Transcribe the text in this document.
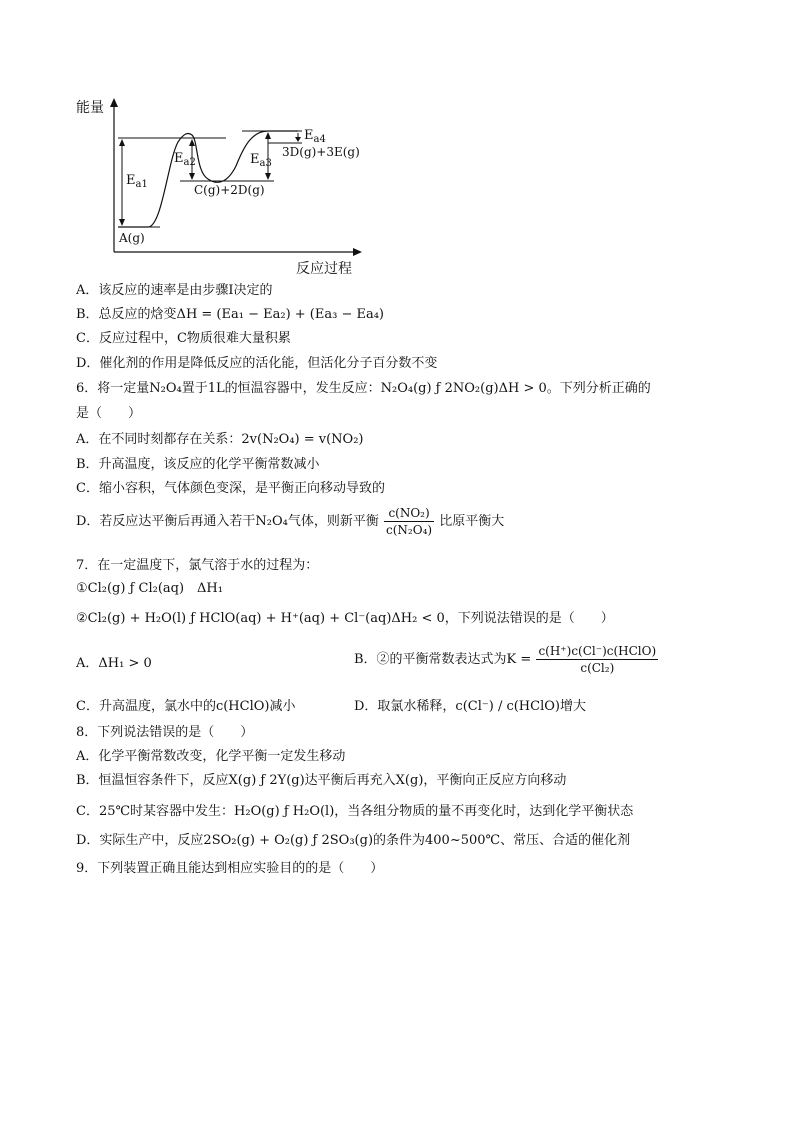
能量
反应过程
$E_{a1}$
$E_{a2}$	$E_{a3}$
$E_{a4}$
A(g)
C(g)+2D(g)
3D(g)+3E(g)
A．该反应的速率是由步骤Ⅰ决定的
B．总反应的焓变ΔH = (Ea₁ − Ea₂) + (Ea₃ − Ea₄)
C．反应过程中，C物质很难大量积累
D．催化剂的作用是降低反应的活化能，但活化分子百分数不变
6．将一定量N₂O₄置于1L的恒温容器中，发生反应：N₂O₄(g) ƒ 2NO₂(g)ΔH > 0。下列分析正确的
是（　　）
A．在不同时刻都存在关系：2v(N₂O₄) = v(NO₂)
B．升高温度，该反应的化学平衡常数减小
C．缩小容积，气体颜色变深，是平衡正向移动导致的
D．若反应达平衡后再通入若干N₂O₄气体，则新平衡 $\frac{\text{c(NO₂)}}{\text{c(N₂O₄)}}$ 比原平衡大
7．在一定温度下，氯气溶于水的过程为：
①Cl₂(g) ƒ Cl₂(aq)　ΔH₁
②Cl₂(g) + H₂O(l) ƒ HClO(aq) + H⁺(aq) + Cl⁻(aq)ΔH₂ < 0，下列说法错误的是（　　）
A．ΔH₁ > 0	B．②的平衡常数表达式为$K = \frac{\text{c(H⁺)c(Cl⁻)c(HClO)}}{\text{c(Cl₂)}}$
C．升高温度，氯水中的c(HClO)减小	D．取氯水稀释，c(Cl⁻) / c(HClO)增大
8．下列说法错误的是（　　）
A．化学平衡常数改变，化学平衡一定发生移动
B．恒温恒容条件下，反应X(g) ƒ 2Y(g)达平衡后再充入X(g)，平衡向正反应方向移动
C．25℃时某容器中发生：H₂O(g) ƒ H₂O(l)，当各组分物质的量不再变化时，达到化学平衡状态
D．实际生产中，反应2SO₂(g) + O₂(g) ƒ 2SO₃(g)的条件为400~500℃、常压、合适的催化剂
9．下列装置正确且能达到相应实验目的的是（　　）
